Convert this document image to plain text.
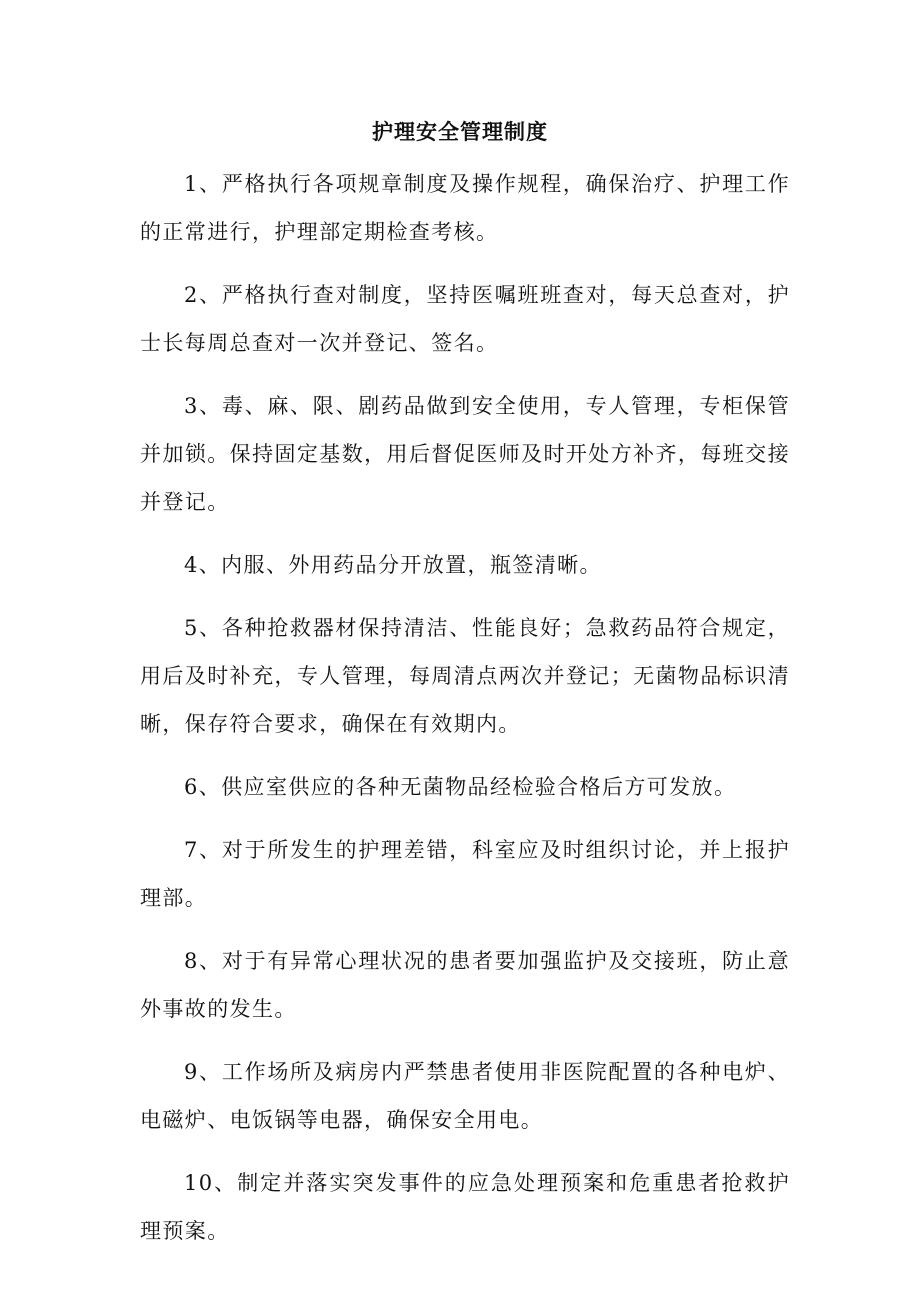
护理安全管理制度

1、严格执行各项规章制度及操作规程，确保治疗、护理工作的正常进行，护理部定期检查考核。

2、严格执行查对制度，坚持医嘱班班查对，每天总查对，护士长每周总查对一次并登记、签名。

3、毒、麻、限、剧药品做到安全使用，专人管理，专柜保管并加锁。保持固定基数，用后督促医师及时开处方补齐，每班交接并登记。

4、内服、外用药品分开放置，瓶签清晰。

5、各种抢救器材保持清洁、性能良好；急救药品符合规定，用后及时补充，专人管理，每周清点两次并登记；无菌物品标识清晰，保存符合要求，确保在有效期内。

6、供应室供应的各种无菌物品经检验合格后方可发放。

7、对于所发生的护理差错，科室应及时组织讨论，并上报护理部。

8、对于有异常心理状况的患者要加强监护及交接班，防止意外事故的发生。

9、工作场所及病房内严禁患者使用非医院配置的各种电炉、电磁炉、电饭锅等电器，确保安全用电。

10、制定并落实突发事件的应急处理预案和危重患者抢救护理预案。
